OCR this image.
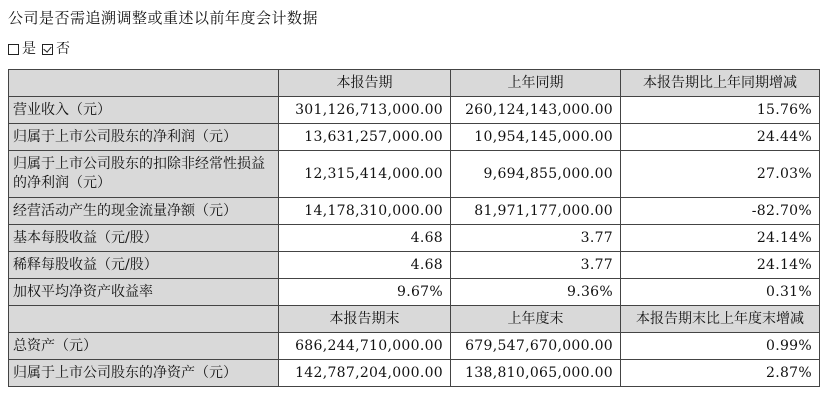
公司是否需追溯调整或重述以前年度会计数据
是 否
	本报告期	上年同期	本报告期比上年同期增减
营业收入（元）	301,126,713,000.00	260,124,143,000.00	15.76%
归属于上市公司股东的净利润（元）	13,631,257,000.00	10,954,145,000.00	24.44%
归属于上市公司股东的扣除非经常性损益的净利润（元）	12,315,414,000.00	9,694,855,000.00	27.03%
经营活动产生的现金流量净额（元）	14,178,310,000.00	81,971,177,000.00	-82.70%
基本每股收益（元/股）	4.68	3.77	24.14%
稀释每股收益（元/股）	4.68	3.77	24.14%
加权平均净资产收益率	9.67%	9.36%	0.31%
	本报告期末	上年度末	本报告期末比上年度末增减
总资产（元）	686,244,710,000.00	679,547,670,000.00	0.99%
归属于上市公司股东的净资产（元）	142,787,204,000.00	138,810,065,000.00	2.87%
